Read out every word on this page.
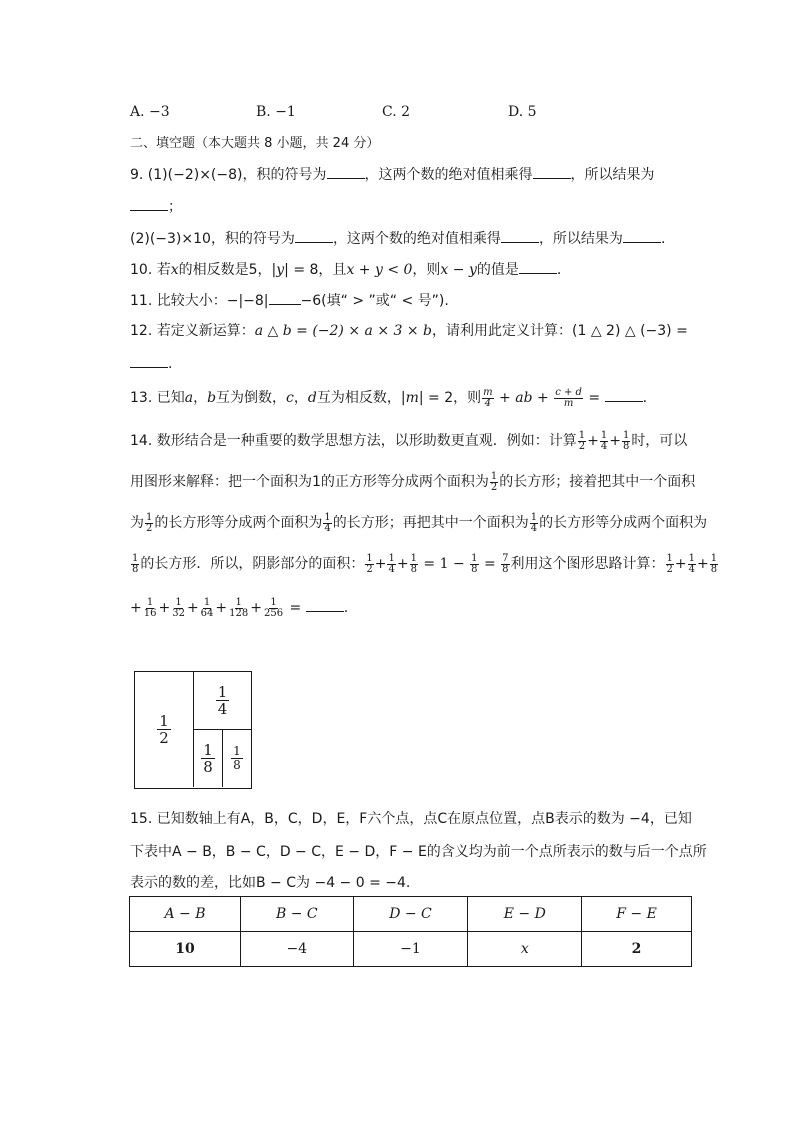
A. −3	B. −1	C. 2	D. 5
二、填空题（本大题共 8 小题，共 24 分）
9. (1)(−2)×(−8)，积的符号为	，这两个数的绝对值相乘得	，所以结果为
；
(2)(−3)×10，积的符号为	，这两个数的绝对值相乘得	，所以结果为	.
10. 若x的相反数是5，|y| = 8，且x + y < 0，则x − y的值是	.
11. 比较大小：−|−8| −6(填“ > ”或“ < 号”).
12. 若定义新运算：a △ b = (−2) × a × 3 × b，请利用此定义计算：(1 △ 2) △ (−3) =
.
13. 已知a，b互为倒数，c，d互为相反数，|m| = 2，则 $\frac{m}{4}$ + ab + $\frac{c + d}{m}$ =	.
14. 数形结合是一种重要的数学思想方法，以形助数更直观．例如：计算 $\frac{1}{2} + \frac{1}{4} + \frac{1}{8}$ 时，可以
用图形来解释：把一个面积为1的正方形等分成两个面积为 $\frac{1}{2}$ 的长方形；接着把其中一个面积
为 $\frac{1}{2}$ 的长方形等分成两个面积为 $\frac{1}{4}$ 的长方形；再把其中一个面积为 $\frac{1}{4}$ 的长方形等分成两个面积为
$\frac{1}{8}$ 的长方形．所以，阴影部分的面积： $\frac{1}{2} + \frac{1}{4} + \frac{1}{8} = 1 - \frac{1}{8} = \frac{7}{8}$ 利用这个图形思路计算： $\frac{1}{2} + \frac{1}{4} + \frac{1}{8}$
+ $\frac{1}{16} + \frac{1}{32} + \frac{1}{64} + \frac{1}{128} + \frac{1}{256}$ =	.
1
2
1
4
1
8
1
8
15. 已知数轴上有A，B，C，D，E，F六个点，点C在原点位置，点B表示的数为 −4，已知
下表中A − B，B − C，D − C，E − D，F − E的含义均为前一个点所表示的数与后一个点所
表示的数的差，比如B − C为 −4 − 0 = −4.
A − B	B − C	D − C	E − D	F − E
10	−4	−1	x	2
